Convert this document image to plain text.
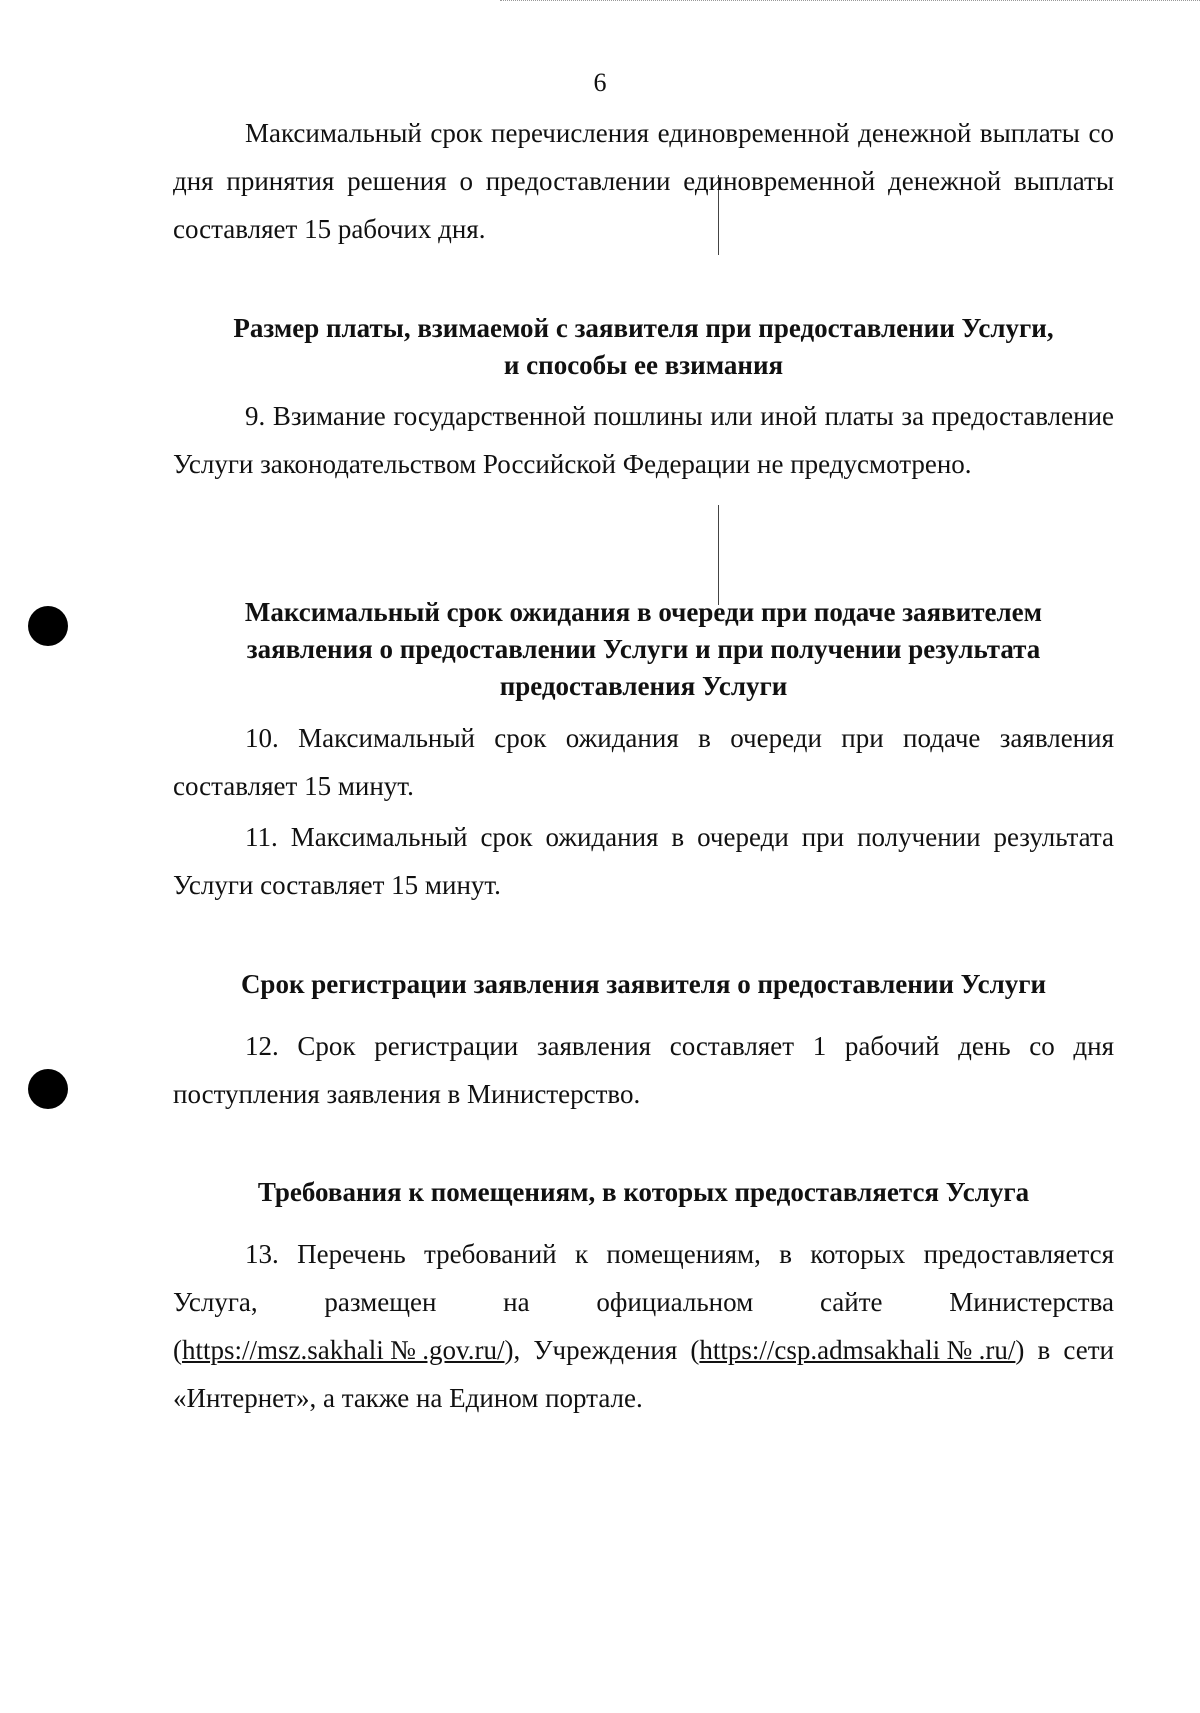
6

Максимальный срок перечисления единовременной денежной выплаты со дня принятия решения о предоставлении единовременной денежной выплаты составляет 15 рабочих дня.

Размер платы, взимаемой с заявителя при предоставлении Услуги, и способы ее взимания

9. Взимание государственной пошлины или иной платы за предоставление Услуги законодательством Российской Федерации не предусмотрено.

Максимальный срок ожидания в очереди при подаче заявителем заявления о предоставлении Услуги и при получении результата предоставления Услуги

10. Максимальный срок ожидания в очереди при подаче заявления составляет 15 минут.

11. Максимальный срок ожидания в очереди при получении результата Услуги составляет 15 минут.

Срок регистрации заявления заявителя о предоставлении Услуги

12. Срок регистрации заявления составляет 1 рабочий день со дня поступления заявления в Министерство.

Требования к помещениям, в которых предоставляется Услуга

13. Перечень требований к помещениям, в которых предоставляется Услуга, размещен на официальном сайте Министерства (https://msz.sakhali№.gov.ru/), Учреждения (https://csp.admsakhali№.ru/) в сети «Интернет», а также на Едином портале.
